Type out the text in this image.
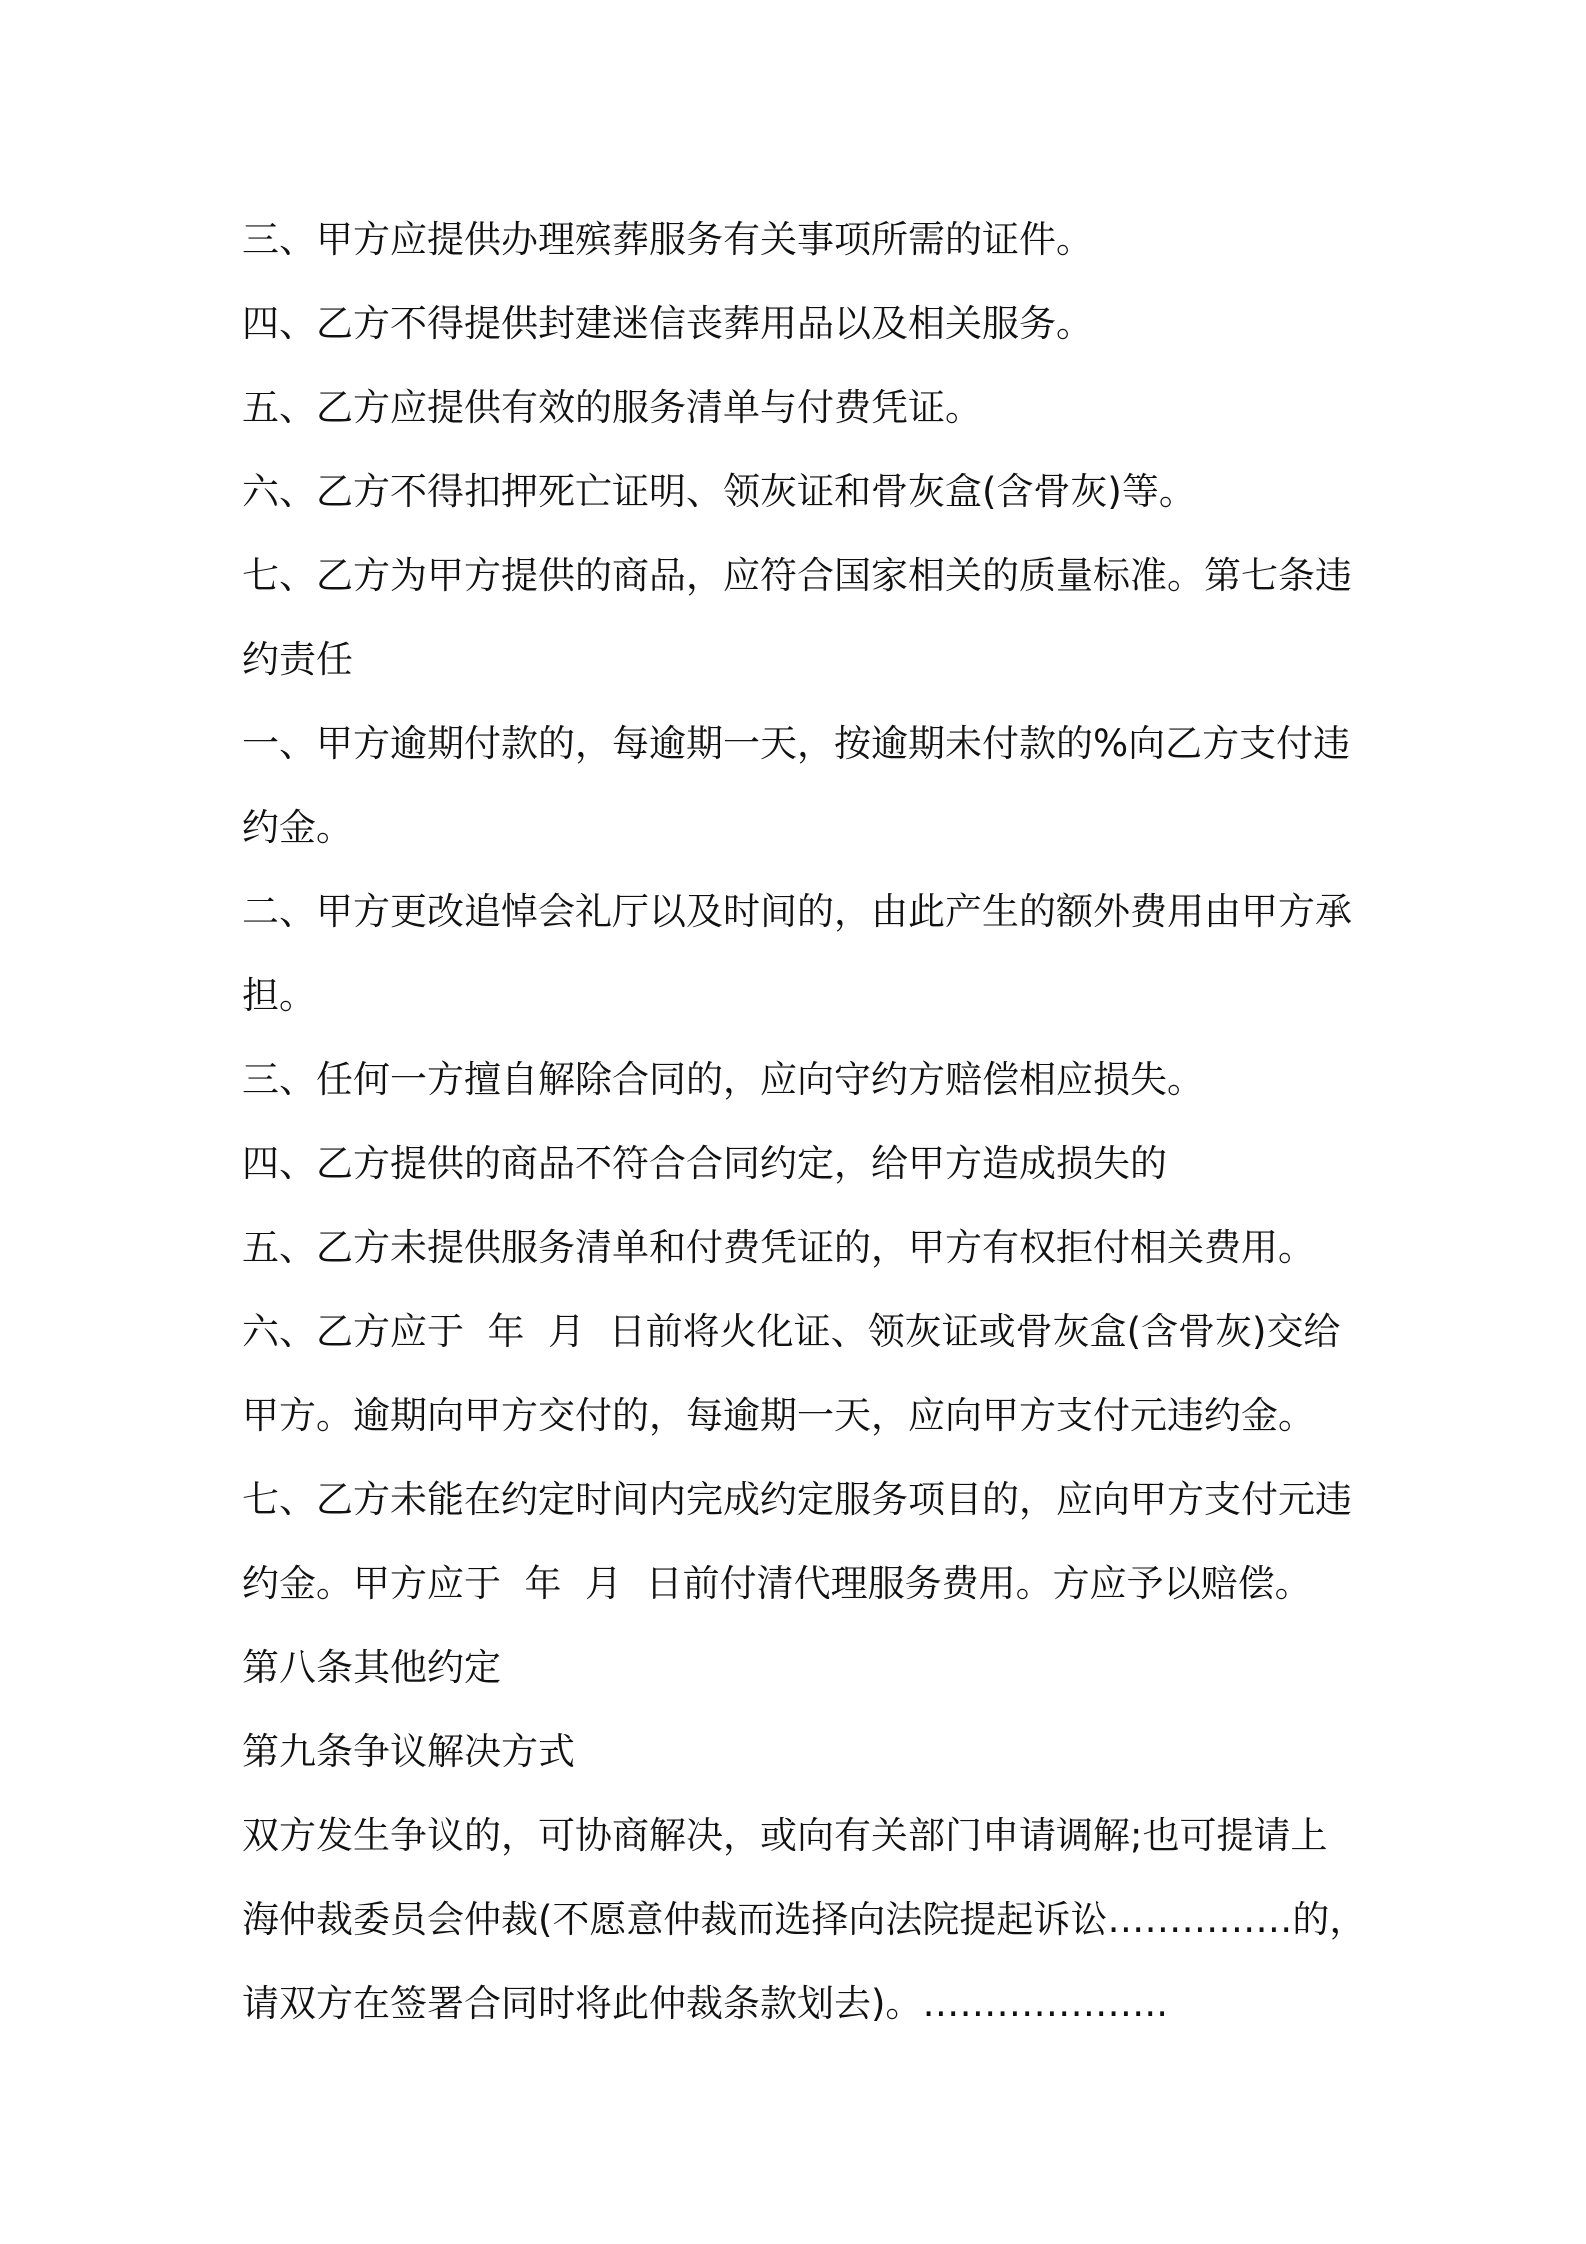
三、甲方应提供办理殡葬服务有关事项所需的证件。

四、乙方不得提供封建迷信丧葬用品以及相关服务。

五、乙方应提供有效的服务清单与付费凭证。

六、乙方不得扣押死亡证明、领灰证和骨灰盒(含骨灰)等。

七、乙方为甲方提供的商品，应符合国家相关的质量标准。第七条违

约责任

一、甲方逾期付款的，每逾期一天，按逾期未付款的%向乙方支付违

约金。

二、甲方更改追悼会礼厅以及时间的，由此产生的额外费用由甲方承

担。

三、任何一方擅自解除合同的，应向守约方赔偿相应损失。

四、乙方提供的商品不符合合同约定，给甲方造成损失的

五、乙方未提供服务清单和付费凭证的，甲方有权拒付相关费用。

六、乙方应于  年  月  日前将火化证、领灰证或骨灰盒(含骨灰)交给

甲方。逾期向甲方交付的，每逾期一天，应向甲方支付元违约金。

七、乙方未能在约定时间内完成约定服务项目的，应向甲方支付元违

约金。甲方应于  年  月  日前付清代理服务费用。方应予以赔偿。

第八条其他约定

第九条争议解决方式

双方发生争议的，可协商解决，或向有关部门申请调解;也可提请上

海仲裁委员会仲裁(不愿意仲裁而选择向法院提起诉讼……………的，

请双方在签署合同时将此仲裁条款划去)。………………..
